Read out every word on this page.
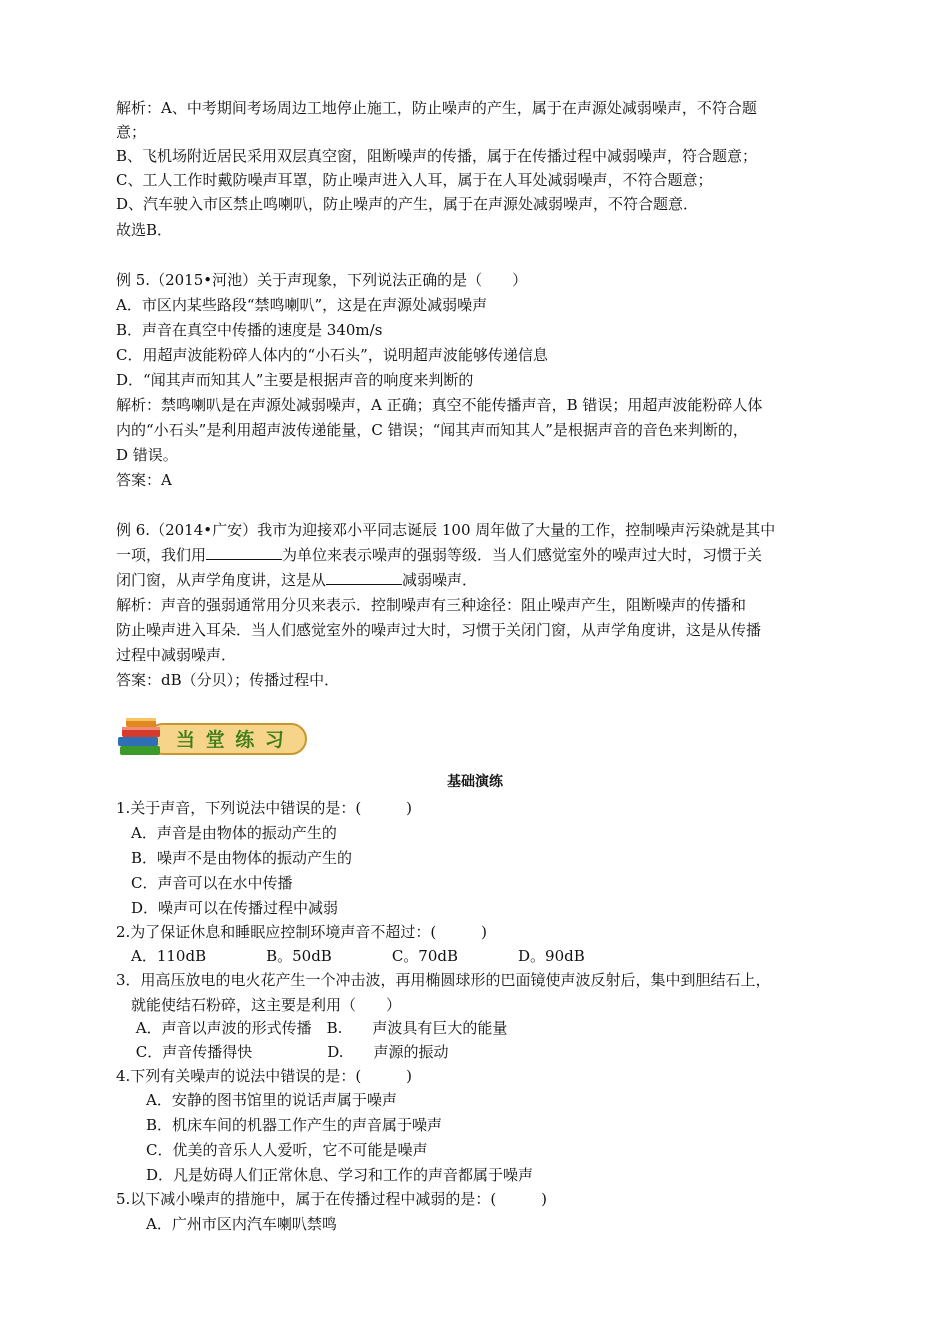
解析：A、中考期间考场周边工地停止施工，防止噪声的产生，属于在声源处减弱噪声，不符合题
意；
B、飞机场附近居民采用双层真空窗，阻断噪声的传播，属于在传播过程中减弱噪声，符合题意；
C、工人工作时戴防噪声耳罩，防止噪声进入人耳，属于在人耳处减弱噪声，不符合题意；
D、汽车驶入市区禁止鸣喇叭，防止噪声的产生，属于在声源处减弱噪声，不符合题意．
故选B．
例 5.（2015•河池）关于声现象，下列说法正确的是（　　）
A．市区内某些路段“禁鸣喇叭”，这是在声源处减弱噪声
B．声音在真空中传播的速度是 340m/s
C．用超声波能粉碎人体内的“小石头”，说明超声波能够传递信息
D．“闻其声而知其人”主要是根据声音的响度来判断的
解析：禁鸣喇叭是在声源处减弱噪声，A 正确；真空不能传播声音，B 错误；用超声波能粉碎人体
内的“小石头”是利用超声波传递能量，C 错误；“闻其声而知其人”是根据声音的音色来判断的，
D 错误。
答案：A
例 6.（2014•广安）我市为迎接邓小平同志诞辰 100 周年做了大量的工作，控制噪声污染就是其中
一项，我们用	为单位来表示噪声的强弱等级．当人们感觉室外的噪声过大时，习惯于关
闭门窗，从声学角度讲，这是从	减弱噪声．
解析：声音的强弱通常用分贝来表示．控制噪声有三种途径：阻止噪声产生，阻断噪声的传播和
防止噪声进入耳朵．当人们感觉室外的噪声过大时，习惯于关闭门窗，从声学角度讲，这是从传播
过程中减弱噪声．
答案：dB（分贝）；传播过程中．
当 堂 练 习
基础演练
1.关于声音，下列说法中错误的是：(　　　)
　A．声音是由物体的振动产生的
　B．噪声不是由物体的振动产生的
　C．声音可以在水中传播
　D．噪声可以在传播过程中减弱
2.为了保证休息和睡眠应控制环境声音不超过：(　　　)
　A．110dB　　　　B。50dB　　　　C。70dB　　　　D。90dB
3．用高压放电的电火花产生一个冲击波，再用椭圆球形的巴面镜使声波反射后，集中到胆结石上，
　就能使结石粉碎，这主要是利用（　　）
　 A．声音以声波的形式传播　B.　　声波具有巨大的能量
　 C．声音传播得快　　　　　D.　　声源的振动
4.下列有关噪声的说法中错误的是：(　　　)
　　A．安静的图书馆里的说话声属于噪声
　　B．机床车间的机器工作产生的声音属于噪声
　　C．优美的音乐人人爱听，它不可能是噪声
　　D．凡是妨碍人们正常休息、学习和工作的声音都属于噪声
5.以下减小噪声的措施中，属于在传播过程中减弱的是：(　　　)
　　A．广州市区内汽车喇叭禁鸣
